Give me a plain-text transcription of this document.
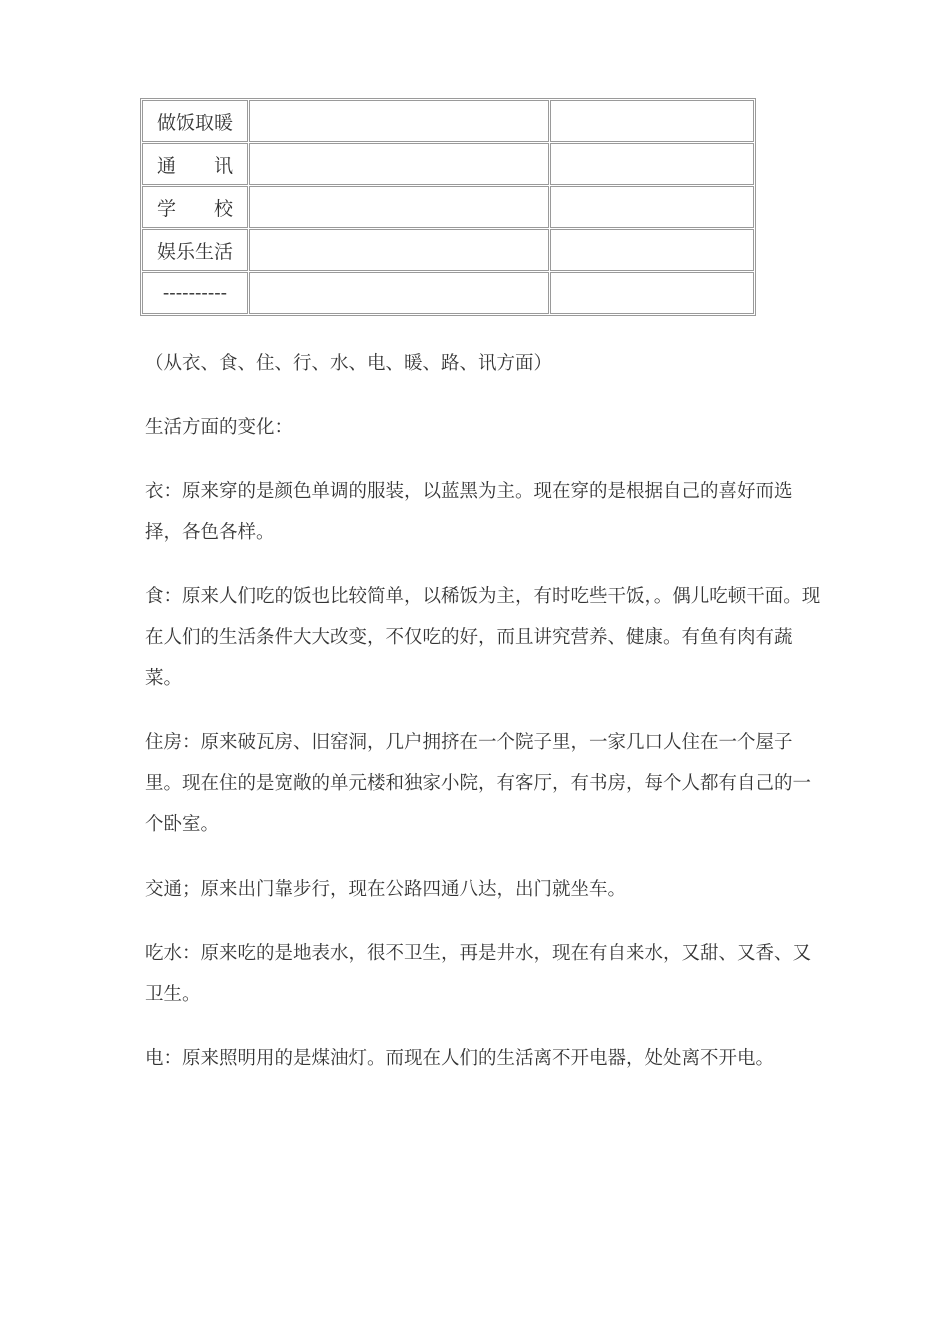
做饭取暖		
通　　讯		
学　　校		
娱乐生活		
----------		

（从衣、食、住、行、水、电、暖、路、讯方面）

生活方面的变化：

衣：原来穿的是颜色单调的服装，以蓝黑为主。现在穿的是根据自己的喜好而选择，各色各样。

食：原来人们吃的饭也比较简单，以稀饭为主，有时吃些干饭，。偶儿吃顿干面。现在人们的生活条件大大改变，不仅吃的好，而且讲究营养、健康。有鱼有肉有蔬菜。

住房：原来破瓦房、旧窑洞，几户拥挤在一个院子里，一家几口人住在一个屋子里。现在住的是宽敞的单元楼和独家小院，有客厅，有书房，每个人都有自己的一个卧室。

交通；原来出门靠步行，现在公路四通八达，出门就坐车。

吃水：原来吃的是地表水，很不卫生，再是井水，现在有自来水，又甜、又香、又卫生。

电：原来照明用的是煤油灯。而现在人们的生活离不开电器，处处离不开电。
